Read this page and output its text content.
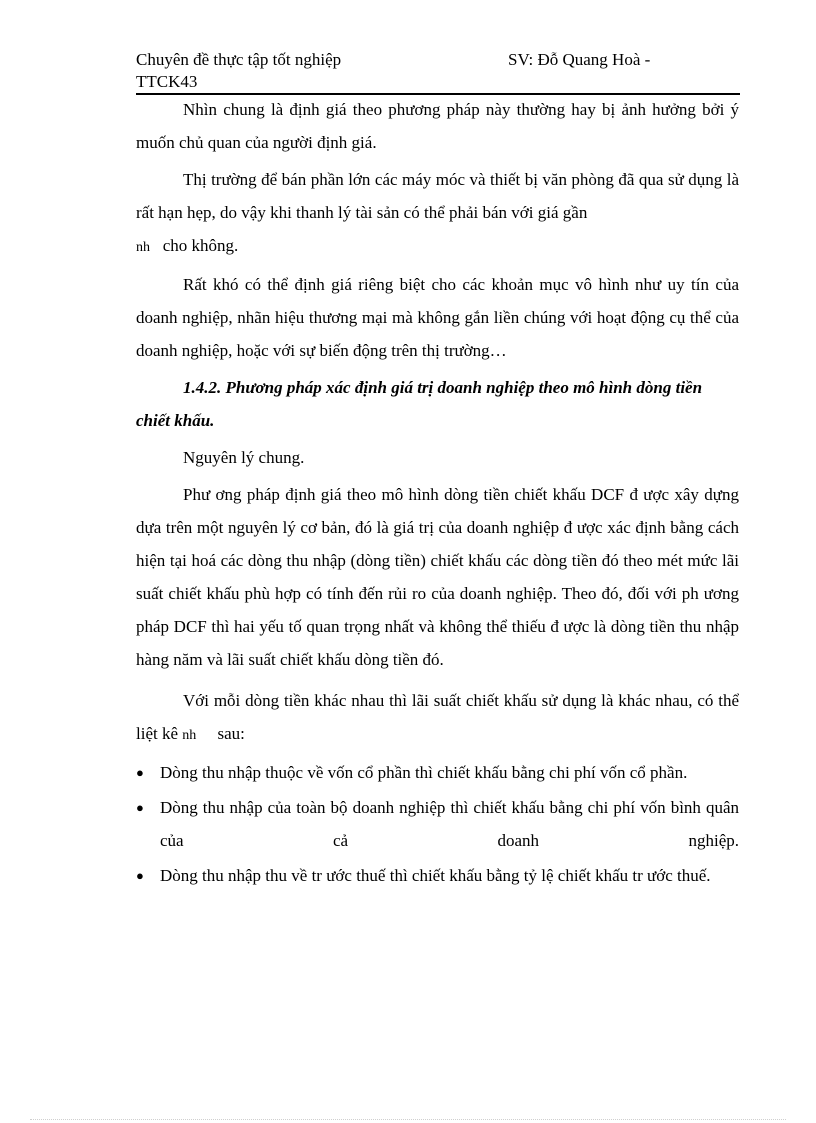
Chuyên đề thực tập tốt nghiệp	SV: Đỗ Quang Hoà -
TTCK43

Nhìn chung là định giá theo phương pháp này thường hay bị ảnh hưởng bởi ý muốn chủ quan của người định giá.

Thị trường để bán phần lớn các máy móc và thiết bị văn phòng đã qua sử dụng là rất hạn hẹp, do vậy khi thanh lý tài sản có thể phải bán với giá gần

nh cho không.

Rất khó có thể định giá riêng biệt cho các khoản mục vô hình như uy tín của doanh nghiệp, nhãn hiệu thương mại mà không gắn liền chúng với hoạt động cụ thể của doanh nghiệp, hoặc với sự biến động trên thị trường…

1.4.2. Phương pháp xác định giá trị doanh nghiệp theo mô hình dòng tiền chiết khấu.

Nguyên lý chung.

Phư ơng pháp định giá theo mô hình dòng tiền chiết khấu DCF đ ược xây dựng dựa trên một nguyên lý cơ bản, đó là giá trị của doanh nghiệp đ ược xác định bằng cách hiện tại hoá các dòng thu nhập (dòng tiền) chiết khấu các dòng tiền đó theo mét mức lãi suất chiết khấu phù hợp có tính đến rủi ro của doanh nghiệp. Theo đó, đối với ph ương pháp DCF thì hai yếu tố quan trọng nhất và không thể thiếu đ ược là dòng tiền thu nhập hàng năm và lãi suất chiết khấu dòng tiền đó.

Với mỗi dòng tiền khác nhau thì lãi suất chiết khấu sử dụng là khác nhau, có thể liệt kê nh sau:

● Dòng thu nhập thuộc về vốn cổ phần thì chiết khấu bằng chi phí vốn cổ phần.
● Dòng thu nhập của toàn bộ doanh nghiệp thì chiết khấu bằng chi phí vốn bình quân của cả doanh nghiệp.
● Dòng thu nhập thu về tr ước thuế thì chiết khấu bằng tỷ lệ chiết khấu tr ước thuế.
